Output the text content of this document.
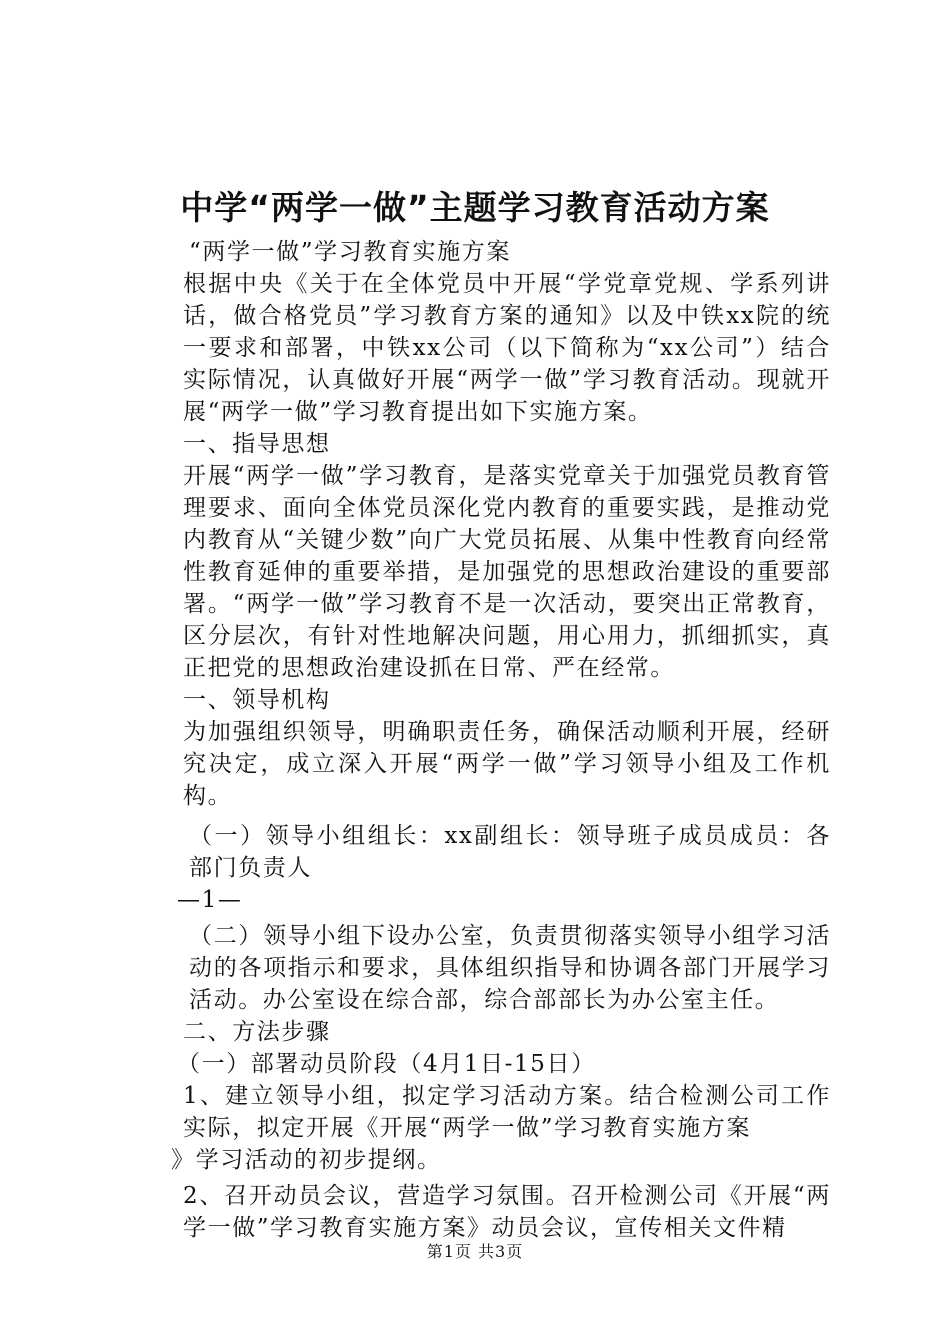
中学“两学一做”主题学习教育活动方案

“两学一做”学习教育实施方案

根据中央《关于在全体党员中开展“学党章党规、学系列讲话，做合格党员”学习教育方案的通知》以及中铁xx院的统一要求和部署，中铁xx公司（以下简称为“xx公司”）结合实际情况，认真做好开展“两学一做”学习教育活动。现就开展“两学一做”学习教育提出如下实施方案。

一、指导思想

开展“两学一做”学习教育，是落实党章关于加强党员教育管理要求、面向全体党员深化党内教育的重要实践，是推动党内教育从“关键少数”向广大党员拓展、从集中性教育向经常性教育延伸的重要举措，是加强党的思想政治建设的重要部署。“两学一做”学习教育不是一次活动，要突出正常教育，区分层次，有针对性地解决问题，用心用力，抓细抓实，真正把党的思想政治建设抓在日常、严在经常。

一、领导机构

为加强组织领导，明确职责任务，确保活动顺利开展，经研究决定，成立深入开展“两学一做”学习领导小组及工作机构。

（一）领导小组组长：xx副组长：领导班子成员成员：各部门负责人

—1—

（二）领导小组下设办公室，负责贯彻落实领导小组学习活动的各项指示和要求，具体组织指导和协调各部门开展学习活动。办公室设在综合部，综合部部长为办公室主任。

二、方法步骤

（一）部署动员阶段（4月1日-15日）

1、建立领导小组，拟定学习活动方案。结合检测公司工作实际，拟定开展《开展“两学一做”学习教育实施方案

》学习活动的初步提纲。

2、召开动员会议，营造学习氛围。召开检测公司《开展“两学一做”学习教育实施方案》动员会议，宣传相关文件精

第1页 共3页
